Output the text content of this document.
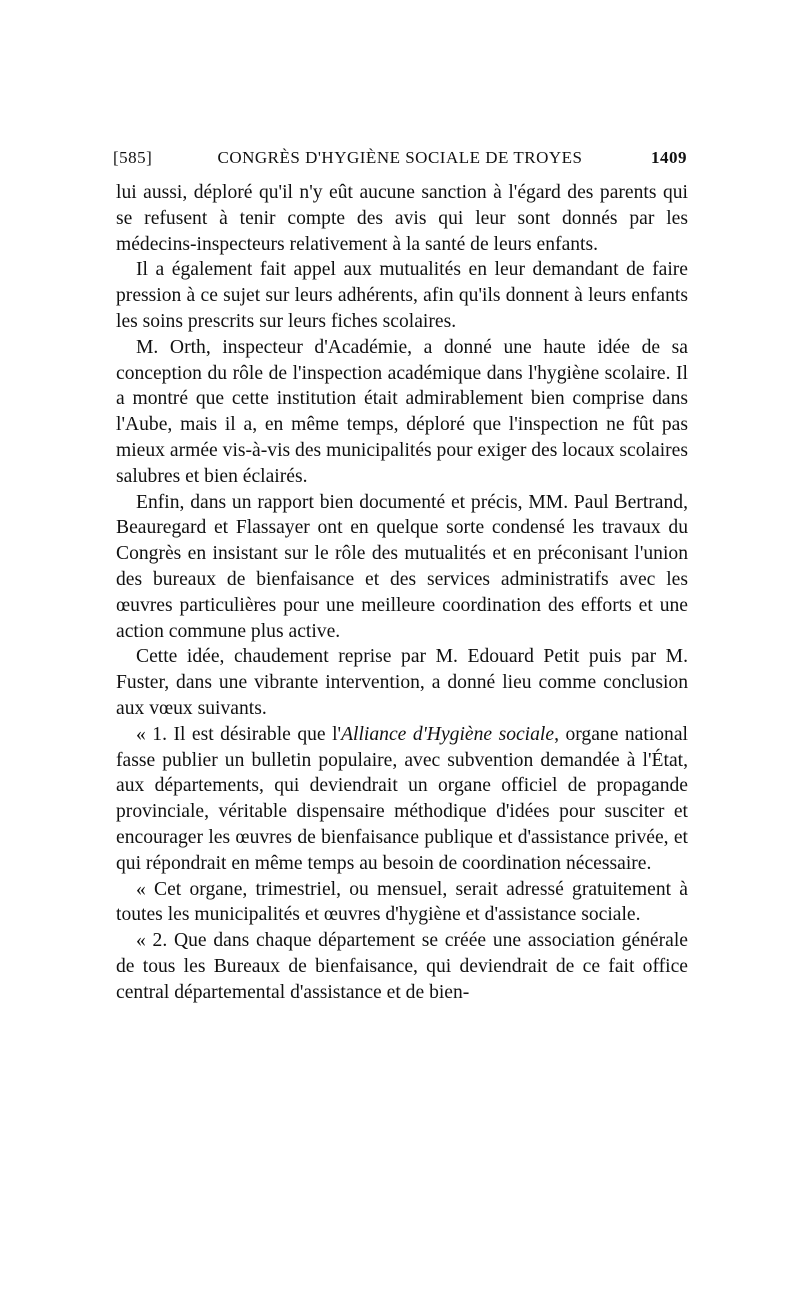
[585]	CONGRÈS D'HYGIÈNE SOCIALE DE TROYES	1409

lui aussi, déploré qu'il n'y eût aucune sanction à l'égard des parents qui se refusent à tenir compte des avis qui leur sont donnés par les médecins-inspecteurs relativement à la santé de leurs enfants.

Il a également fait appel aux mutualités en leur demandant de faire pression à ce sujet sur leurs adhérents, afin qu'ils donnent à leurs enfants les soins prescrits sur leurs fiches scolaires.

M. Orth, inspecteur d'Académie, a donné une haute idée de sa conception du rôle de l'inspection académique dans l'hygiène scolaire. Il a montré que cette institution était admirablement bien comprise dans l'Aube, mais il a, en même temps, déploré que l'inspection ne fût pas mieux armée vis-à-vis des municipalités pour exiger des locaux scolaires salubres et bien éclairés.

Enfin, dans un rapport bien documenté et précis, MM. Paul Bertrand, Beauregard et Flassayer ont en quelque sorte condensé les travaux du Congrès en insistant sur le rôle des mutualités et en préconisant l'union des bureaux de bienfaisance et des services administratifs avec les œuvres particulières pour une meilleure coordination des efforts et une action commune plus active.

Cette idée, chaudement reprise par M. Edouard Petit puis par M. Fuster, dans une vibrante intervention, a donné lieu comme conclusion aux vœux suivants.

« 1. Il est désirable que l'Alliance d'Hygiène sociale, organe national fasse publier un bulletin populaire, avec subvention demandée à l'État, aux départements, qui deviendrait un organe officiel de propagande provinciale, véritable dispensaire méthodique d'idées pour susciter et encourager les œuvres de bienfaisance publique et d'assistance privée, et qui répondrait en même temps au besoin de coordination nécessaire.

« Cet organe, trimestriel, ou mensuel, serait adressé gratuitement à toutes les municipalités et œuvres d'hygiène et d'assistance sociale.

« 2. Que dans chaque département se créée une association générale de tous les Bureaux de bienfaisance, qui deviendrait de ce fait office central départemental d'assistance et de bien-
